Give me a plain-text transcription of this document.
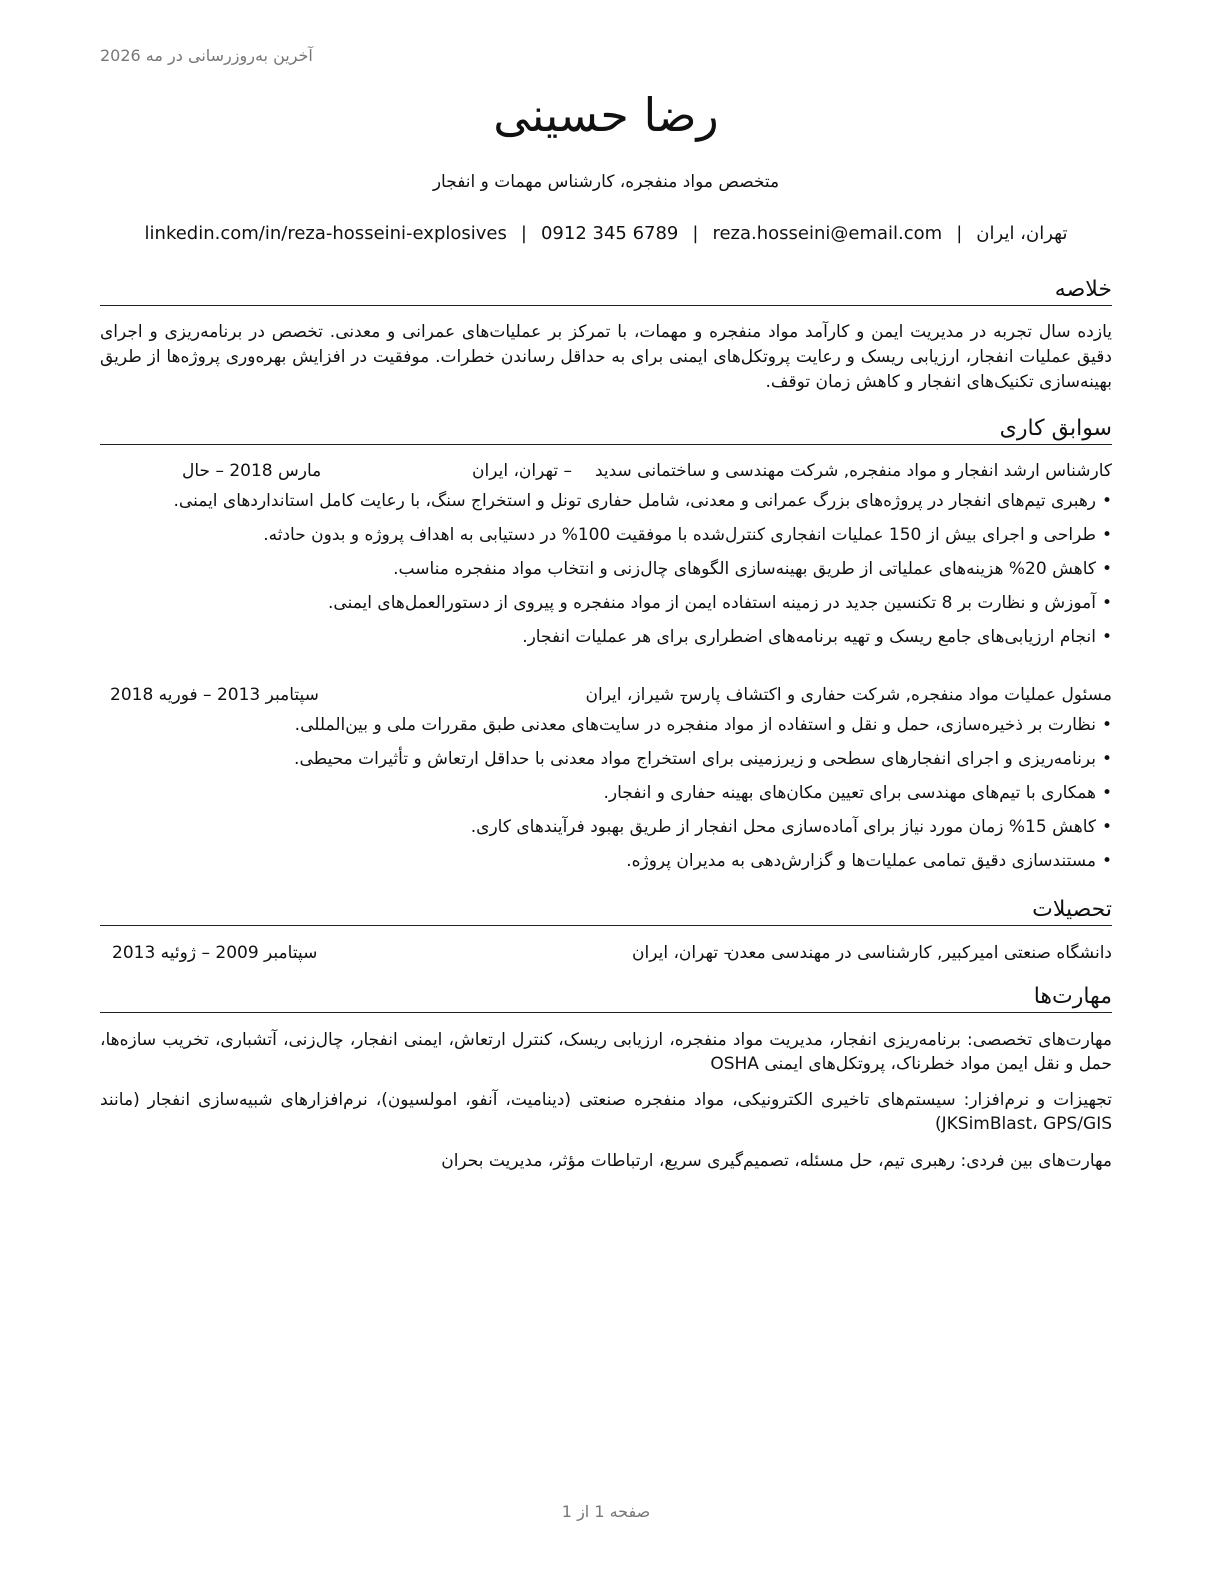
آخرین به‌روزرسانی در مه 2026
رضا حسینی
متخصص مواد منفجره، کارشناس مهمات و انفجار
تهران، ایران|reza.hosseini@email.com|0912 345 6789|linkedin.com/in/reza-hosseini-explosives
خلاصه
یازده سال تجربه در مدیریت ایمن و کارآمد مواد منفجره و مهمات، با تمرکز بر عملیات‌های عمرانی و معدنی. تخصص در برنامه‌ریزی و اجرای دقیق عملیات انفجار، ارزیابی ریسک و رعایت پروتکل‌های ایمنی برای به حداقل رساندن خطرات. موفقیت در افزایش بهره‌وری پروژه‌ها از طریق بهینه‌سازی تکنیک‌های انفجار و کاهش زمان توقف.
سوابق کاری
کارشناس ارشد انفجار و مواد منفجره, شرکت مهندسی و ساختمانی سدید
– تهران، ایران
مارس 2018 – حال
• رهبری تیم‌های انفجار در پروژه‌های بزرگ عمرانی و معدنی، شامل حفاری تونل و استخراج سنگ، با رعایت کامل استانداردهای ایمنی.
• طراحی و اجرای بیش از 150 عملیات انفجاری کنترل‌شده با موفقیت 100% در دستیابی به اهداف پروژه و بدون حادثه.
• کاهش 20% هزینه‌های عملیاتی از طریق بهینه‌سازی الگوهای چال‌زنی و انتخاب مواد منفجره مناسب.
• آموزش و نظارت بر 8 تکنسین جدید در زمینه استفاده ایمن از مواد منفجره و پیروی از دستورالعمل‌های ایمنی.
• انجام ارزیابی‌های جامع ریسک و تهیه برنامه‌های اضطراری برای هر عملیات انفجار.
مسئول عملیات مواد منفجره, شرکت حفاری و اکتشاف پارس
– شیراز، ایران
سپتامبر 2013 – فوریه 2018
• نظارت بر ذخیره‌سازی، حمل و نقل و استفاده از مواد منفجره در سایت‌های معدنی طبق مقررات ملی و بین‌المللی.
• برنامه‌ریزی و اجرای انفجارهای سطحی و زیرزمینی برای استخراج مواد معدنی با حداقل ارتعاش و تأثیرات محیطی.
• همکاری با تیم‌های مهندسی برای تعیین مکان‌های بهینه حفاری و انفجار.
• کاهش 15% زمان مورد نیاز برای آماده‌سازی محل انفجار از طریق بهبود فرآیندهای کاری.
• مستندسازی دقیق تمامی عملیات‌ها و گزارش‌دهی به مدیران پروژه.
تحصیلات
دانشگاه صنعتی امیرکبیر, کارشناسی در مهندسی معدن
– تهران، ایران
سپتامبر 2009 – ژوئیه 2013
مهارت‌ها
مهارت‌های تخصصی: برنامه‌ریزی انفجار، مدیریت مواد منفجره، ارزیابی ریسک، کنترل ارتعاش، ایمنی انفجار، چال‌زنی، آتشباری، تخریب سازه‌ها، حمل و نقل ایمن مواد خطرناک، پروتکل‌های ایمنی OSHA
تجهیزات و نرم‌افزار: سیستم‌های تاخیری الکترونیکی، مواد منفجره صنعتی (دینامیت، آنفو، امولسیون)، نرم‌افزارهای شبیه‌سازی انفجار (مانند JKSimBlast، GPS/GIS)
مهارت‌های بین فردی: رهبری تیم، حل مسئله، تصمیم‌گیری سریع، ارتباطات مؤثر، مدیریت بحران
صفحه 1 از 1
